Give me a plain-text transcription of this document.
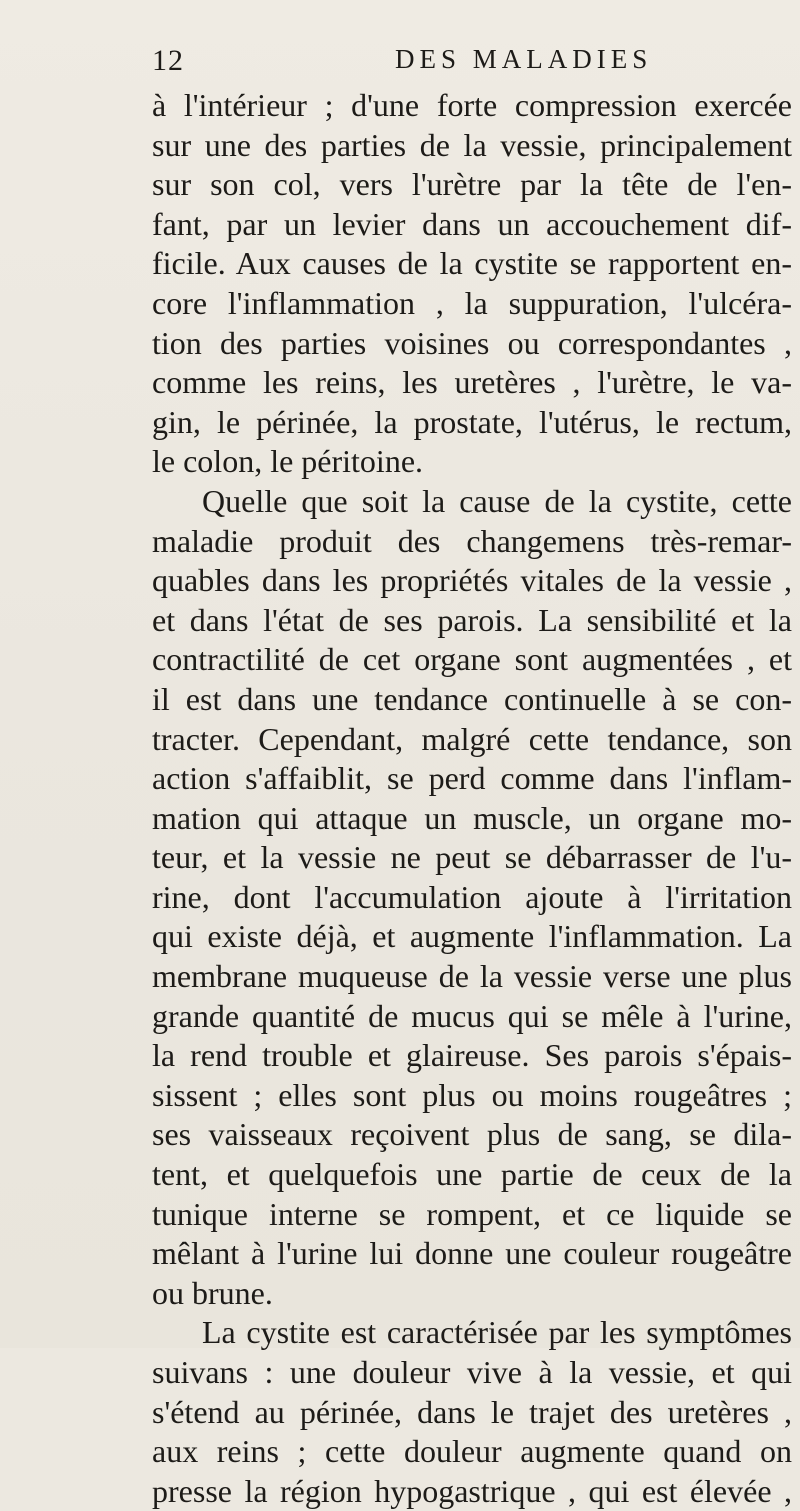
12	DES MALADIES
à l'intérieur ; d'une forte compression exercée
sur une des parties de la vessie, principalement
sur son col, vers l'urètre par la tête de l'en-
fant, par un levier dans un accouchement dif-
ficile. Aux causes de la cystite se rapportent en-
core l'inflammation , la suppuration, l'ulcéra-
tion des parties voisines ou correspondantes ,
comme les reins, les uretères , l'urètre, le va-
gin, le périnée, la prostate, l'utérus, le rectum,
le colon, le péritoine.
Quelle que soit la cause de la cystite, cette
maladie produit des changemens très-remar-
quables dans les propriétés vitales de la vessie ,
et dans l'état de ses parois. La sensibilité et la
contractilité de cet organe sont augmentées , et
il est dans une tendance continuelle à se con-
tracter. Cependant, malgré cette tendance, son
action s'affaiblit, se perd comme dans l'inflam-
mation qui attaque un muscle, un organe mo-
teur, et la vessie ne peut se débarrasser de l'u-
rine, dont l'accumulation ajoute à l'irritation
qui existe déjà, et augmente l'inflammation. La
membrane muqueuse de la vessie verse une plus
grande quantité de mucus qui se mêle à l'urine,
la rend trouble et glaireuse. Ses parois s'épais-
sissent ; elles sont plus ou moins rougeâtres ;
ses vaisseaux reçoivent plus de sang, se dila-
tent, et quelquefois une partie de ceux de la
tunique interne se rompent, et ce liquide se
mêlant à l'urine lui donne une couleur rougeâtre
ou brune.
La cystite est caractérisée par les symptômes
suivans : une douleur vive à la vessie, et qui
s'étend au périnée, dans le trajet des uretères ,
aux reins ; cette douleur augmente quand on
presse la région hypogastrique , qui est élevée ,
